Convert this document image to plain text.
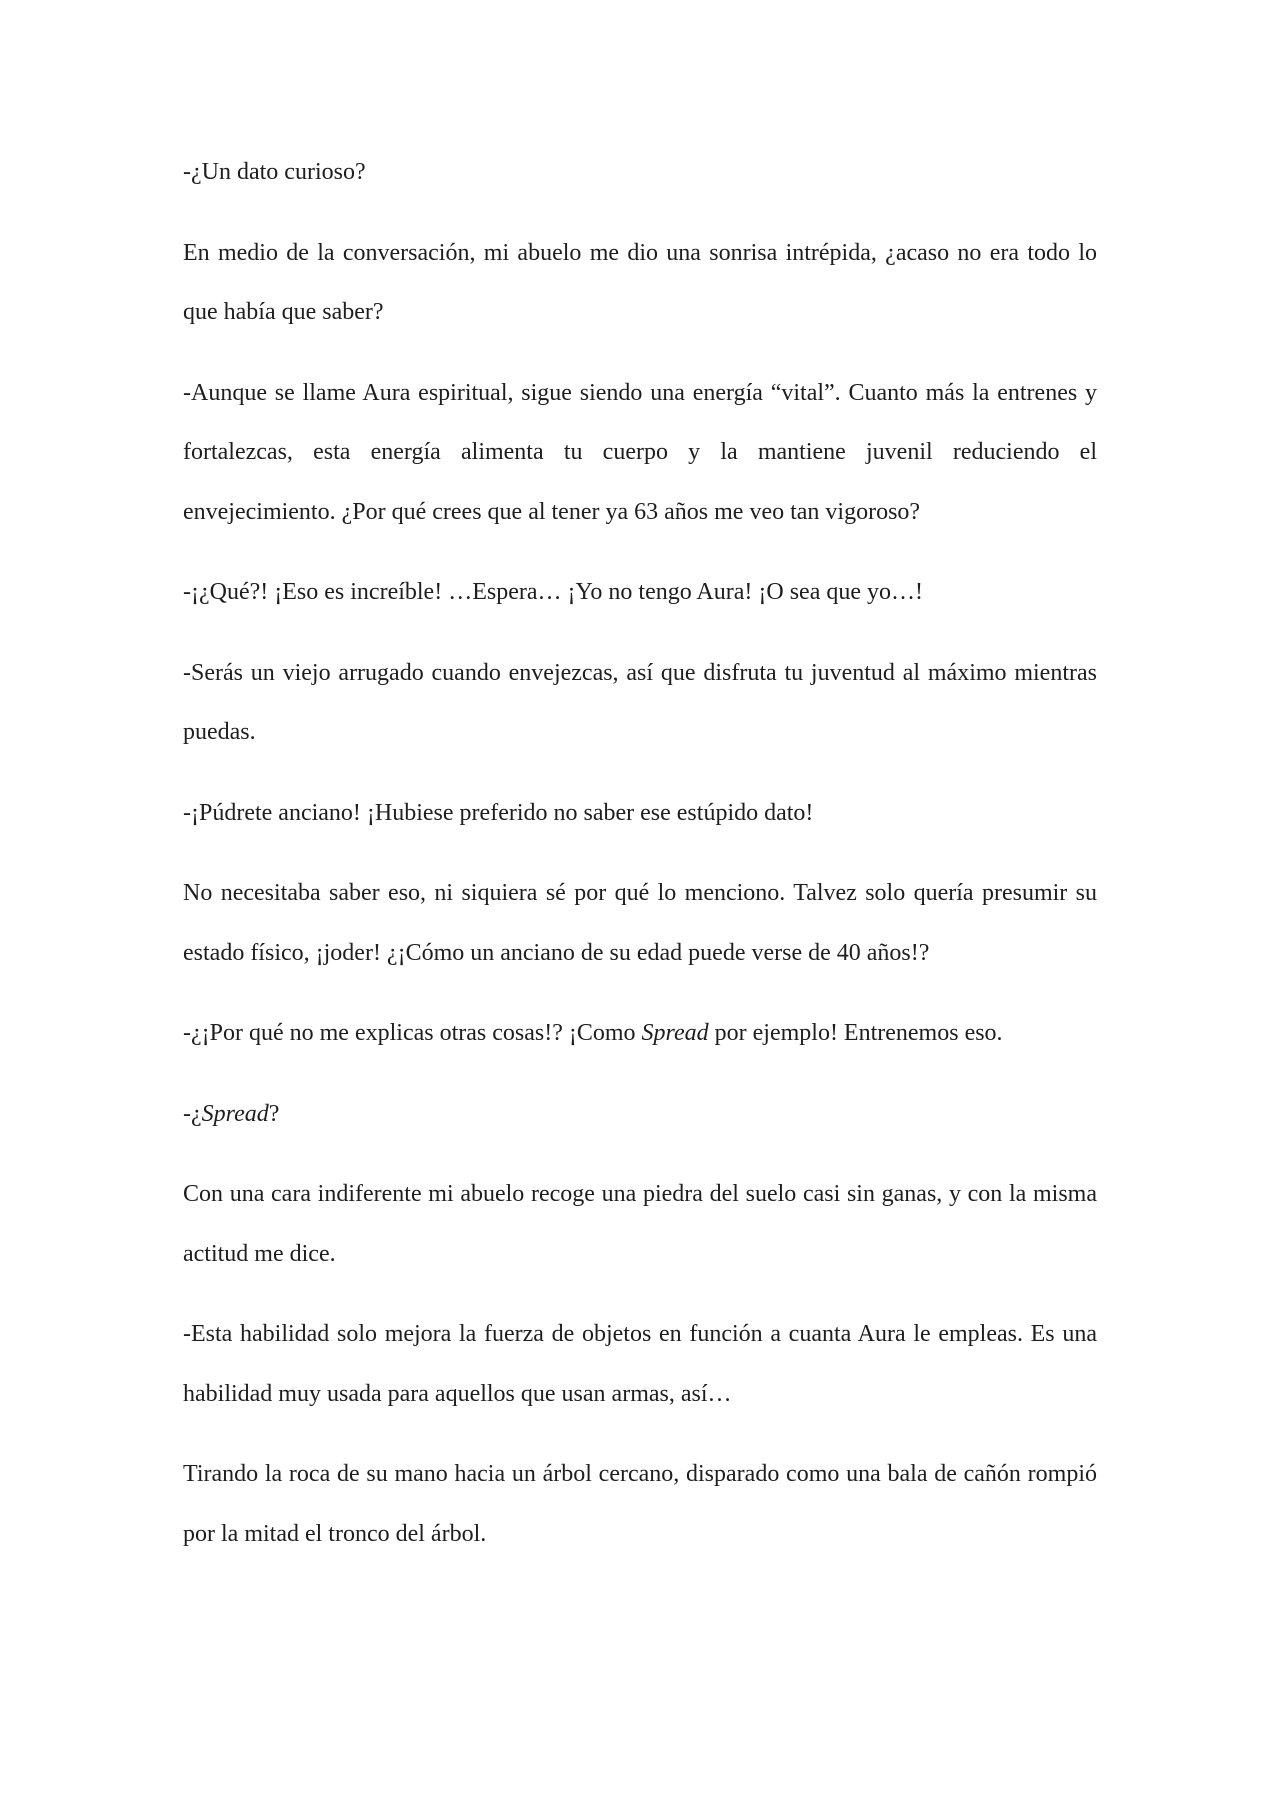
-¿Un dato curioso?

En medio de la conversación, mi abuelo me dio una sonrisa intrépida, ¿acaso no era todo lo que había que saber?

-Aunque se llame Aura espiritual, sigue siendo una energía “vital”. Cuanto más la entrenes y fortalezcas, esta energía alimenta tu cuerpo y la mantiene juvenil reduciendo el envejecimiento. ¿Por qué crees que al tener ya 63 años me veo tan vigoroso?

-¡¿Qué?! ¡Eso es increíble! …Espera… ¡Yo no tengo Aura! ¡O sea que yo…!

-Serás un viejo arrugado cuando envejezcas, así que disfruta tu juventud al máximo mientras puedas.

-¡Púdrete anciano! ¡Hubiese preferido no saber ese estúpido dato!

No necesitaba saber eso, ni siquiera sé por qué lo menciono. Talvez solo quería presumir su estado físico, ¡joder! ¿¡Cómo un anciano de su edad puede verse de 40 años!?

-¿¡Por qué no me explicas otras cosas!? ¡Como Spread por ejemplo! Entrenemos eso.

-¿Spread?

Con una cara indiferente mi abuelo recoge una piedra del suelo casi sin ganas, y con la misma actitud me dice.

-Esta habilidad solo mejora la fuerza de objetos en función a cuanta Aura le empleas. Es una habilidad muy usada para aquellos que usan armas, así…

Tirando la roca de su mano hacia un árbol cercano, disparado como una bala de cañón rompió por la mitad el tronco del árbol.
